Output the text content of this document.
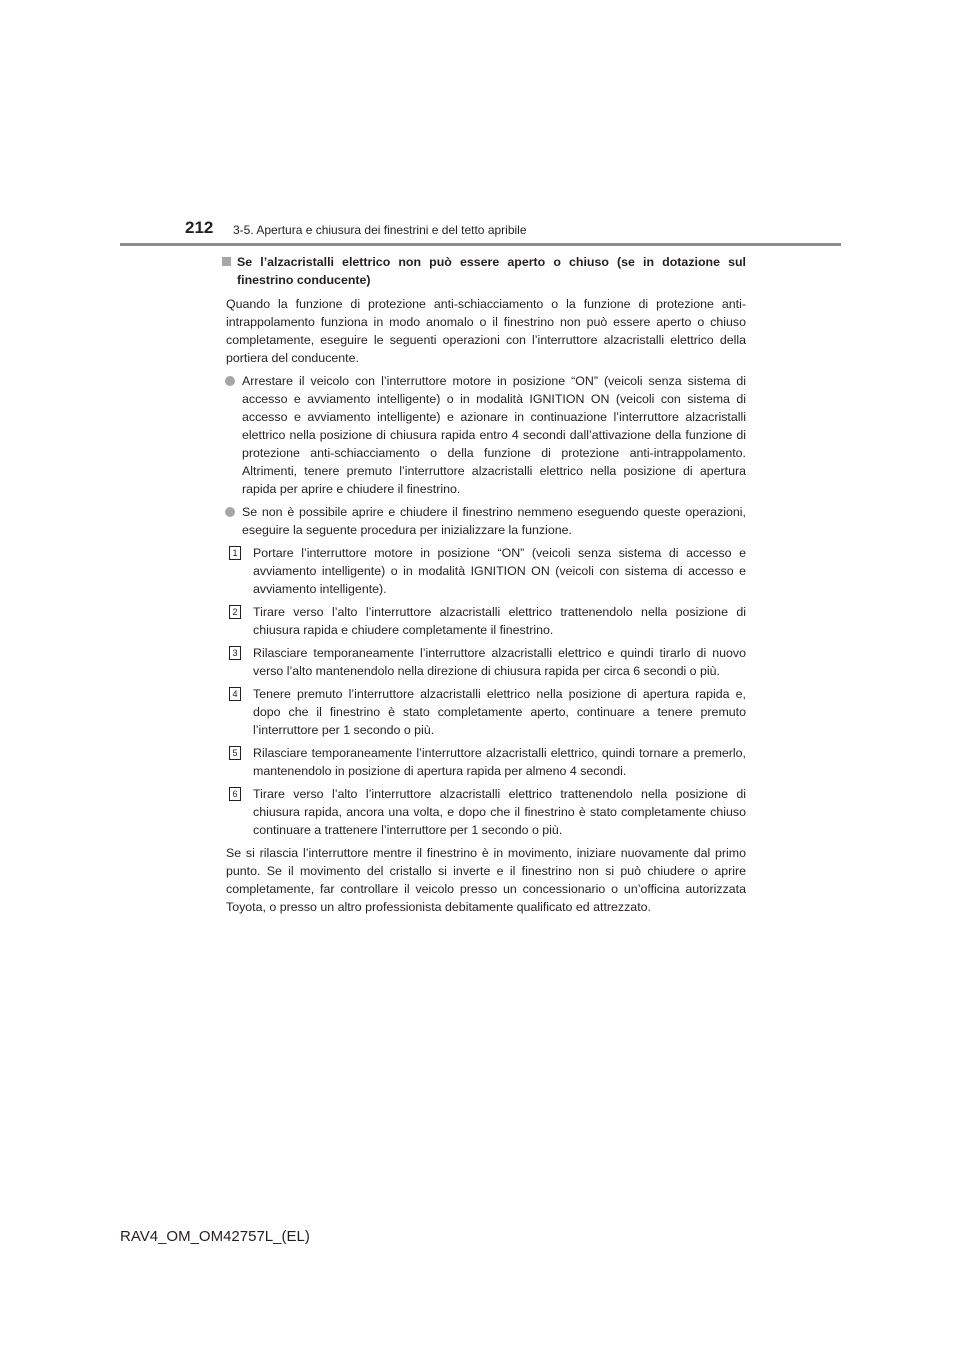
212 3-5. Apertura e chiusura dei finestrini e del tetto apribile
Se l’alzacristalli elettrico non può essere aperto o chiuso (se in dotazione sul finestrino conducente)

Quando la funzione di protezione anti-schiacciamento o la funzione di protezione anti-intrappolamento funziona in modo anomalo o il finestrino non può essere aperto o chiuso completamente, eseguire le seguenti operazioni con l’interruttore alzacristalli elettrico della portiera del conducente.

Arrestare il veicolo con l’interruttore motore in posizione “ON” (veicoli senza sistema di accesso e avviamento intelligente) o in modalità IGNITION ON (veicoli con sistema di accesso e avviamento intelligente) e azionare in continuazione l’interruttore alzacristalli elettrico nella posizione di chiusura rapida entro 4 secondi dall’attivazione della funzione di protezione anti-schiacciamento o della funzione di protezione anti-intrappolamento. Altrimenti, tenere premuto l’interruttore alzacristalli elettrico nella posizione di apertura rapida per aprire e chiudere il finestrino.
Se non è possibile aprire e chiudere il finestrino nemmeno eseguendo queste operazioni, eseguire la seguente procedura per inizializzare la funzione.
1 Portare l’interruttore motore in posizione “ON” (veicoli senza sistema di accesso e avviamento intelligente) o in modalità IGNITION ON (veicoli con sistema di accesso e avviamento intelligente).
2 Tirare verso l’alto l’interruttore alzacristalli elettrico trattenendolo nella posizione di chiusura rapida e chiudere completamente il finestrino.
3 Rilasciare temporaneamente l’interruttore alzacristalli elettrico e quindi tirarlo di nuovo verso l’alto mantenendolo nella direzione di chiusura rapida per circa 6 secondi o più.
4 Tenere premuto l’interruttore alzacristalli elettrico nella posizione di apertura rapida e, dopo che il finestrino è stato completamente aperto, continuare a tenere premuto l’interruttore per 1 secondo o più.
5 Rilasciare temporaneamente l’interruttore alzacristalli elettrico, quindi tornare a premerlo, mantenendolo in posizione di apertura rapida per almeno 4 secondi.
6 Tirare verso l’alto l’interruttore alzacristalli elettrico trattenendolo nella posizione di chiusura rapida, ancora una volta, e dopo che il finestrino è stato completamente chiuso continuare a trattenere l’interruttore per 1 secondo o più.

Se si rilascia l’interruttore mentre il finestrino è in movimento, iniziare nuovamente dal primo punto. Se il movimento del cristallo si inverte e il finestrino non si può chiudere o aprire completamente, far controllare il veicolo presso un concessionario o un’officina autorizzata Toyota, o presso un altro professionista debitamente qualificato ed attrezzato.

RAV4_OM_OM42757L_(EL)
